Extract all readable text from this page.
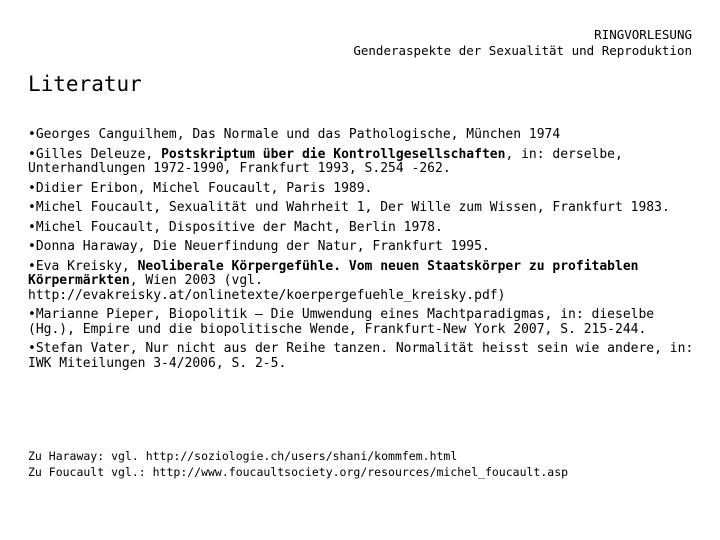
RINGVORLESUNG
Genderaspekte der Sexualität und Reproduktion
Literatur

•Georges Canguilhem, Das Normale und das Pathologische, München 1974

•Gilles Deleuze, Postskriptum über die Kontrollgesellschaften, in: derselbe, Unterhandlungen 1972-1990, Frankfurt 1993, S.254 -262.

•Didier Eribon, Michel Foucault, Paris 1989.

•Michel Foucault, Sexualität und Wahrheit 1, Der Wille zum Wissen, Frankfurt 1983.

•Michel Foucault, Dispositive der Macht, Berlin 1978.

•Donna Haraway, Die Neuerfindung der Natur, Frankfurt 1995.

•Eva Kreisky, Neoliberale Körpergefühle. Vom neuen Staatskörper zu profitablen Körpermärkten, Wien 2003 (vgl. http://evakreisky.at/onlinetexte/koerpergefuehle_kreisky.pdf)

•Marianne Pieper, Biopolitik – Die Umwendung eines Machtparadigmas, in: dieselbe (Hg.), Empire und die biopolitische Wende, Frankfurt-New York 2007, S. 215-244.

•Stefan Vater, Nur nicht aus der Reihe tanzen. Normalität heisst sein wie andere, in: IWK Miteilungen 3-4/2006, S. 2-5.

Zu Haraway: vgl. http://soziologie.ch/users/shani/kommfem.html

Zu Foucault vgl.: http://www.foucaultsociety.org/resources/michel_foucault.asp
